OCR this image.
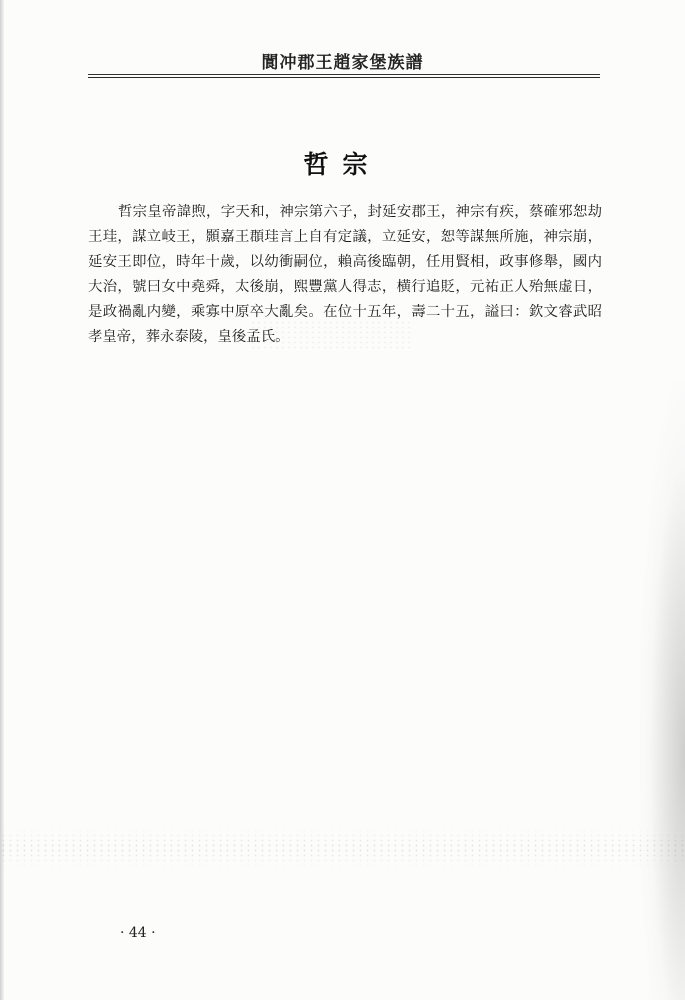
閬冲郡王趙家堡族譜
哲宗

哲宗皇帝諱煦，字天和，神宗第六子，封延安郡王，神宗有疾，蔡確邪恕劫王珪，謀立岐王，顥嘉王頵珪言上自有定議，立延安，恕等謀無所施，神宗崩，延安王即位，時年十歲，以幼衝嗣位，賴高後臨朝，任用賢相，政事修舉，國内大治，號曰女中堯舜，太後崩，熙豐黨人得志，横行追貶，元祐正人殆無虚日，是政禍亂内變，乘寡中原卒大亂矣。在位十五年，壽二十五，謚曰：欽文睿武昭孝皇帝，葬永泰陵，皇後孟氏。

· 44 ·
